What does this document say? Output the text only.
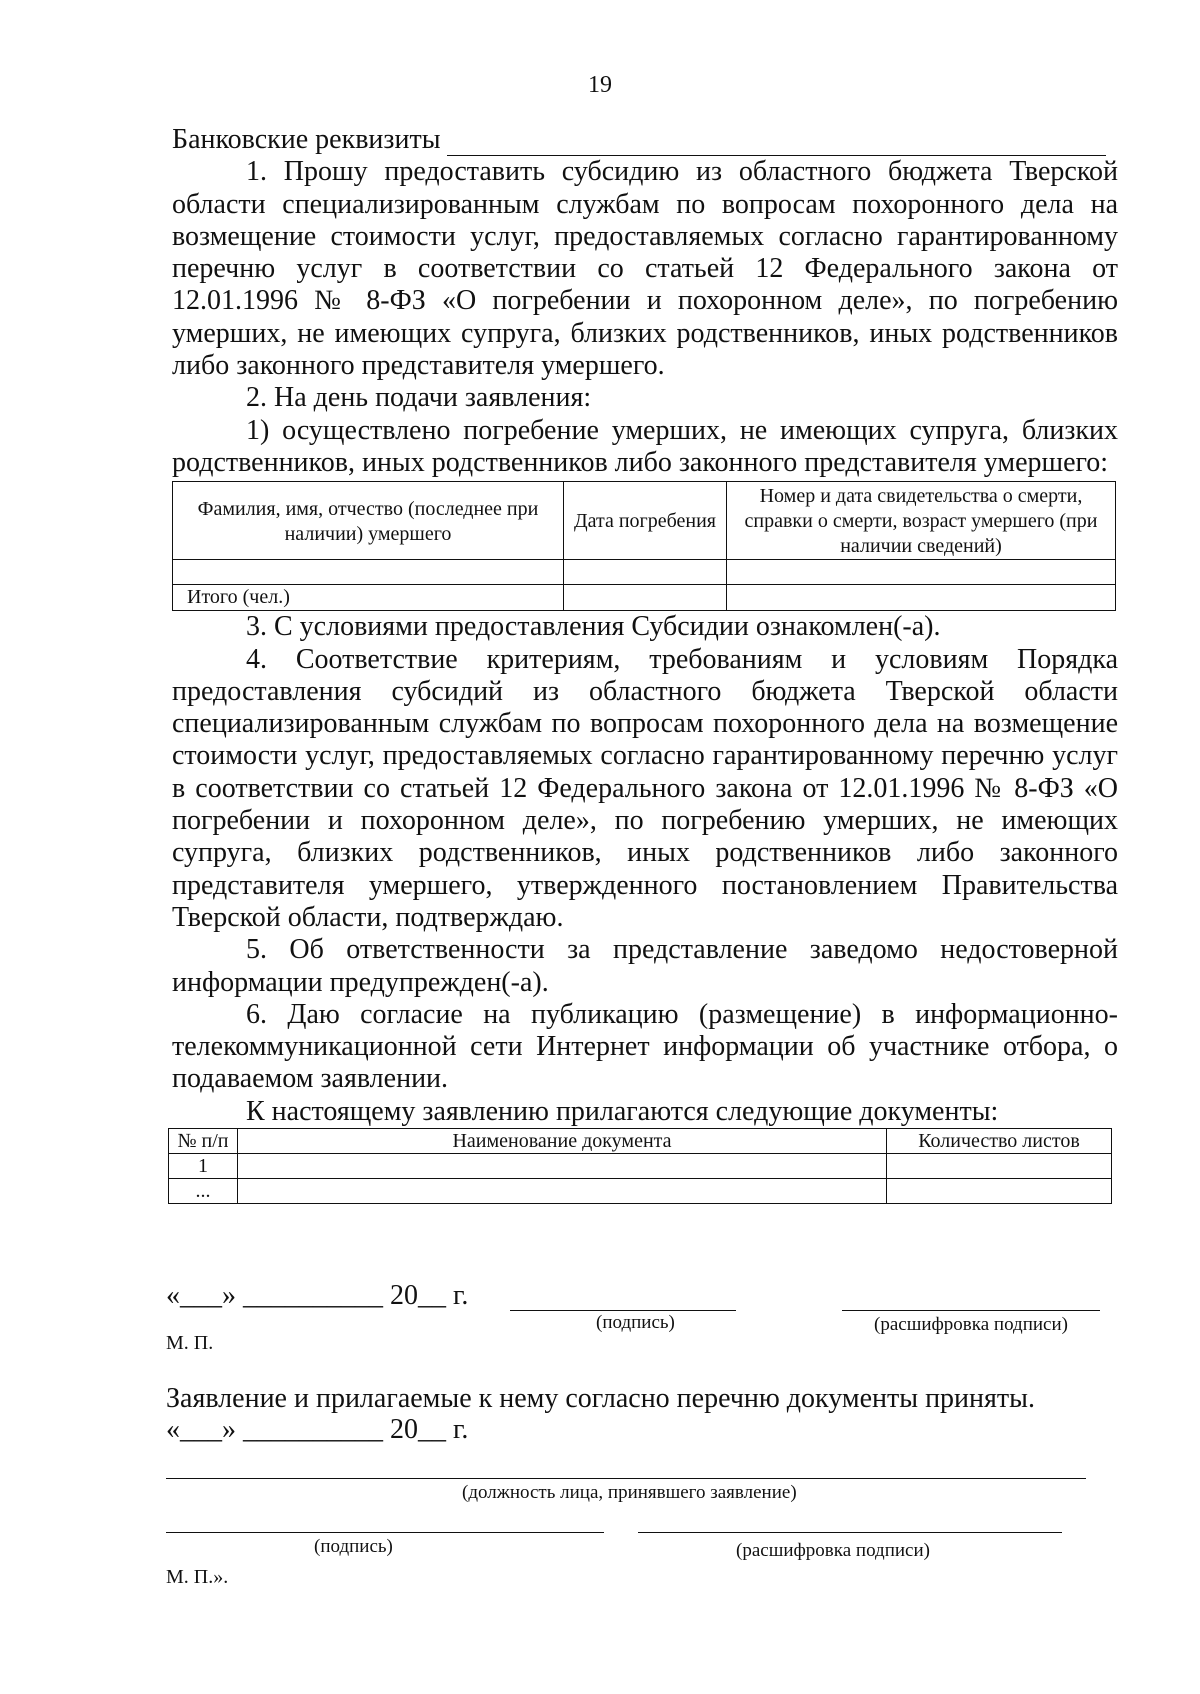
19
Банковские реквизиты

1. Прошу предоставить субсидию из областного бюджета Тверской области специализированным службам по вопросам похоронного дела на возмещение стоимости услуг, предоставляемых согласно гарантированному перечню услуг в соответствии со статьей 12 Федерального закона от 12.01.1996 № 8-ФЗ «О погребении и похоронном деле», по погребению умерших, не имеющих супруга, близких родственников, иных родственников либо законного представителя умершего.

2. На день подачи заявления:

1) осуществлено погребение умерших, не имеющих супруга, близких родственников, иных родственников либо законного представителя умершего:

Фамилия, имя, отчество (последнее при наличии) умершего	Дата погребения	Номер и дата свидетельства о смерти, справки о смерти, возраст умершего (при наличии сведений)

Итого (чел.)		

3. С условиями предоставления Субсидии ознакомлен(-а).

4. Соответствие критериям, требованиям и условиям Порядка предоставления субсидий из областного бюджета Тверской области специализированным службам по вопросам похоронного дела на возмещение стоимости услуг, предоставляемых согласно гарантированному перечню услуг в соответствии со статьей 12 Федерального закона от 12.01.1996 № 8-ФЗ «О погребении и похоронном деле», по погребению умерших, не имеющих супруга, близких родственников, иных родственников либо законного представителя умершего, утвержденного постановлением Правительства Тверской области, подтверждаю.

5. Об ответственности за представление заведомо недостоверной информации предупрежден(-а).

6. Даю согласие на публикацию (размещение) в информационно-телекоммуникационной сети Интернет информации об участнике отбора, о подаваемом заявлении.

К настоящему заявлению прилагаются следующие документы:

№ п/п	Наименование документа	Количество листов
1		
...		
«___» __________ 20__ г.
(подпись)	(расшифровка подписи)
М. П.
Заявление и прилагаемые к нему согласно перечню документы приняты.
«___» __________ 20__ г.
(должность лица, принявшего заявление)
(подпись)	(расшифровка подписи)
М. П.».
